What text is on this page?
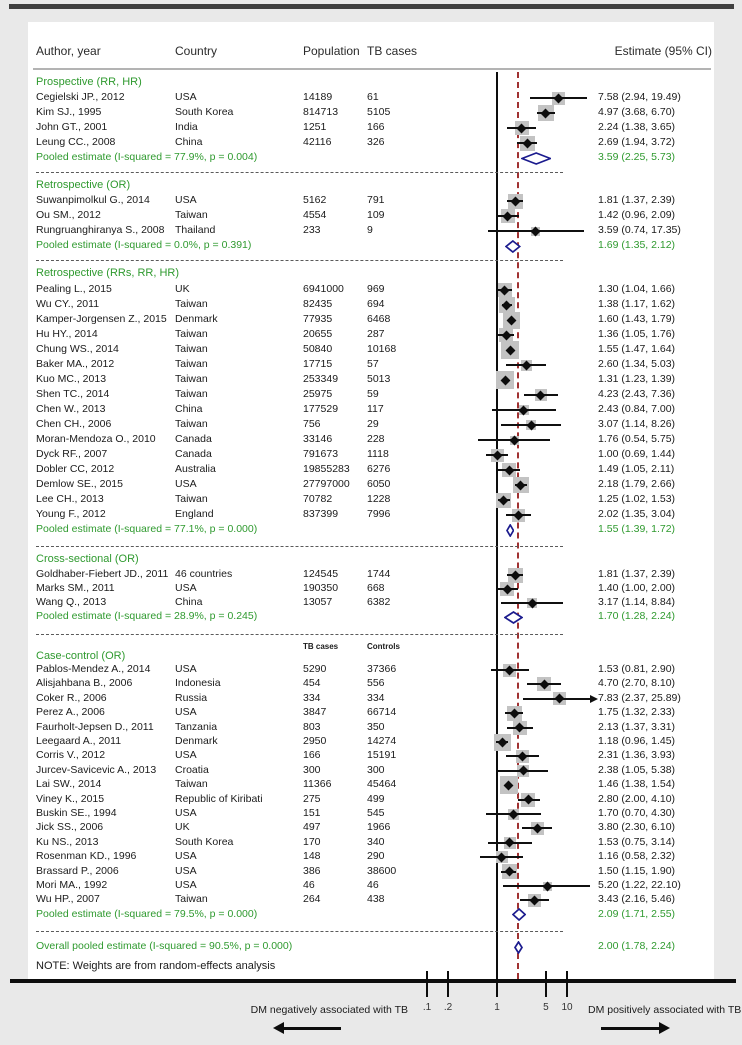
Author, year	Country	Population TB cases	Estimate (95% CI)
Prospective (RR, HR)
Cegielski JP., 2012	USA	14189	61	7.58 (2.94, 19.49)
Kim SJ., 1995	South Korea	814713	5105	4.97 (3.68, 6.70)
John GT., 2001	India	1251	166	2.24 (1.38, 3.65)
Leung CC., 2008	China	42116	326	2.69 (1.94, 3.72)
Pooled estimate (I-squared = 77.9%, p = 0.004)	3.59 (2.25, 5.73)
Retrospective (OR)
Suwanpimolkul G., 2014 USA	5162	791	1.81 (1.37, 2.39)
Ou SM., 2012	Taiwan	4554	109	1.42 (0.96, 2.09)
Rungruanghiranya S., 2008 Thailand	233	9	3.59 (0.74, 17.35)
Pooled estimate (I-squared = 0.0%, p = 0.391)	1.69 (1.35, 2.12)
Retrospective (RRs, RR, HR)
Pealing L., 2015	UK	6941000 969	1.30 (1.04, 1.66)
Wu CY., 2011	Taiwan	82435	694	1.38 (1.17, 1.62)
Kamper-Jorgensen Z., 2015 Denmark	77935	6468	1.60 (1.43, 1.79)
Hu HY., 2014	Taiwan	20655	287	1.36 (1.05, 1.76)
Chung WS., 2014	Taiwan	50840	10168	1.55 (1.47, 1.64)
Baker MA., 2012	Taiwan	17715	57	2.60 (1.34, 5.03)
Kuo MC., 2013	Taiwan	253349	5013	1.31 (1.23, 1.39)
Shen TC., 2014	Taiwan	25975	59	4.23 (2.43, 7.36)
Chen W., 2013	China	177529	117	2.43 (0.84, 7.00)
Chen CH., 2006	Taiwan	756	29	3.07 (1.14, 8.26)
Moran-Mendoza O., 2010 Canada	33146	228	1.76 (0.54, 5.75)
Dyck RF., 2007	Canada	791673	1118	1.00 (0.69, 1.44)
Dobler CC, 2012	Australia	19855283 6276	1.49 (1.05, 2.11)
Demlow SE., 2015	USA	27797000 6050	2.18 (1.79, 2.66)
Lee CH., 2013	Taiwan	70782	1228	1.25 (1.02, 1.53)
Young F., 2012	England	837399	7996	2.02 (1.35, 3.04)
Pooled estimate (I-squared = 77.1%, p = 0.000)	1.55 (1.39, 1.72)
Cross-sectional (OR)
Goldhaber-Fiebert JD., 2011 46 countries	124545	1744	1.81 (1.37, 2.39)
Marks SM., 2011	USA	190350	668	1.40 (1.00, 2.00)
Wang Q., 2013	China	13057	6382	3.17 (1.14, 8.84)
Pooled estimate (I-squared = 28.9%, p = 0.245)	1.70 (1.28, 2.24)
Case-control (OR)
TB cases	Controls
Pablos-Mendez A., 2014 USA	5290	37366	1.53 (0.81, 2.90)
Alisjahbana B., 2006	Indonesia	454	556	4.70 (2.70, 8.10)
Coker R., 2006	Russia	334	334	7.83 (2.37, 25.89)
Perez A., 2006	USA	3847	66714	1.75 (1.32, 2.33)
Faurholt-Jepsen D., 2011 Tanzania	803	350	2.13 (1.37, 3.31)
Leegaard A., 2011	Denmark	2950	14274	1.18 (0.96, 1.45)
Corris V., 2012	USA	166	15191	2.31 (1.36, 3.93)
Jurcev-Savicevic A., 2013 Croatia	300	300	2.38 (1.05, 5.38)
Lai SW., 2014	Taiwan	11366	45464	1.46 (1.38, 1.54)
Viney K., 2015	Republic of Kiribati	275	499	2.80 (2.00, 4.10)
Buskin SE., 1994	USA	151	545	1.70 (0.70, 4.30)
Jick SS., 2006	UK	497	1966	3.80 (2.30, 6.10)
Ku NS., 2013	South Korea	170	340	1.53 (0.75, 3.14)
Rosenman KD., 1996	USA	148	290	1.16 (0.58, 2.32)
Brassard P., 2006	USA	386	38600	1.50 (1.15, 1.90)
Mori MA., 1992	USA	46	46	5.20 (1.22, 22.10)
Wu HP., 2007	Taiwan	264	438	3.43 (2.16, 5.46)
Pooled estimate (I-squared = 79.5%, p = 0.000)	2.09 (1.71, 2.55)
Overall pooled estimate (I-squared = 90.5%, p = 0.000)	2.00 (1.78, 2.24)
.1 .2	1	5 10
NOTE: Weights are from random-effects analysis
DM negatively associated with TB	DM positively associated with TB
